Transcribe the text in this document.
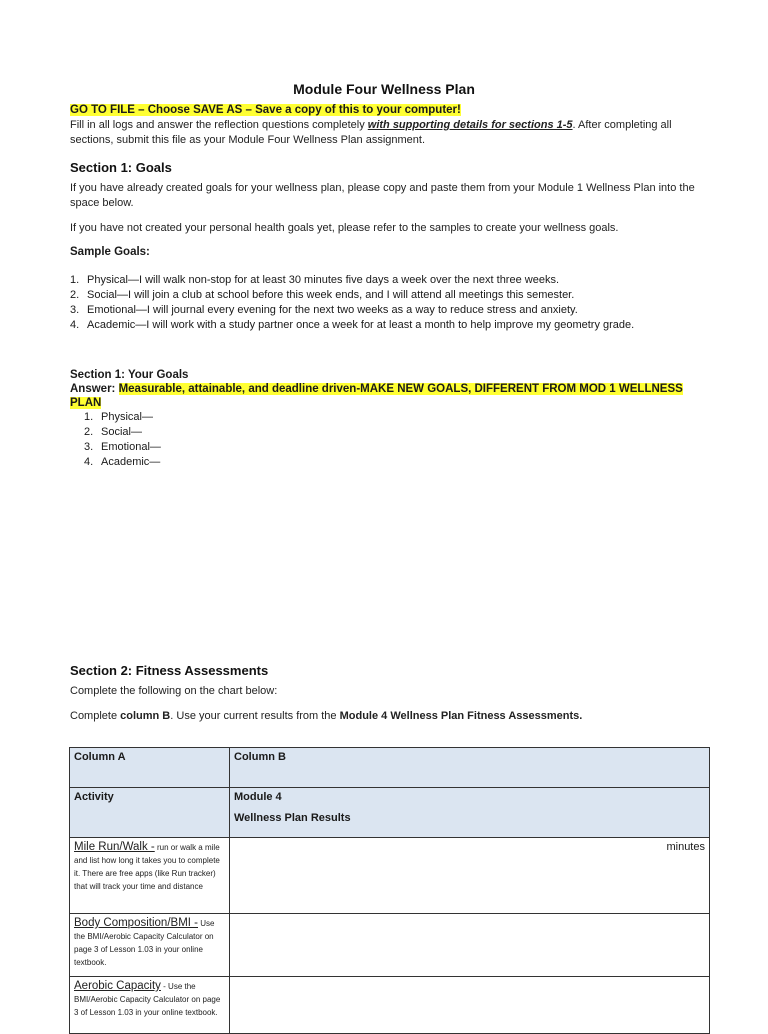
Module Four Wellness Plan
GO TO FILE – Choose SAVE AS – Save a copy of this to your computer!
Fill in all logs and answer the reflection questions completely with supporting details for sections 1-5. After completing all sections, submit this file as your Module Four Wellness Plan assignment.
Section 1: Goals
If you have already created goals for your wellness plan, please copy and paste them from your Module 1 Wellness Plan into the space below.
If you have not created your personal health goals yet, please refer to the samples to create your wellness goals.
Sample Goals:
1. Physical—I will walk non-stop for at least 30 minutes five days a week over the next three weeks.
2. Social—I will join a club at school before this week ends, and I will attend all meetings this semester.
3. Emotional—I will journal every evening for the next two weeks as a way to reduce stress and anxiety.
4. Academic—I will work with a study partner once a week for at least a month to help improve my geometry grade.
Section 1: Your Goals
Answer: Measurable, attainable, and deadline driven-MAKE NEW GOALS, DIFFERENT FROM MOD 1 WELLNESS PLAN
1. Physical—
2. Social—
3. Emotional—
4. Academic—
Section 2: Fitness Assessments
Complete the following on the chart below:
Complete column B. Use your current results from the Module 4 Wellness Plan Fitness Assessments.
Column A	Column B
Activity	Module 4
Wellness Plan Results

Mile Run/Walk - run or walk a mile and list how long it takes you to complete it. There are free apps (like Run tracker) that will track your time and distance	minutes
Body Composition/BMI - Use the BMI/Aerobic Capacity Calculator on page 3 of Lesson 1.03 in your online textbook.	
Aerobic Capacity - Use the BMI/Aerobic Capacity Calculator on page 3 of Lesson 1.03 in your online textbook.	
